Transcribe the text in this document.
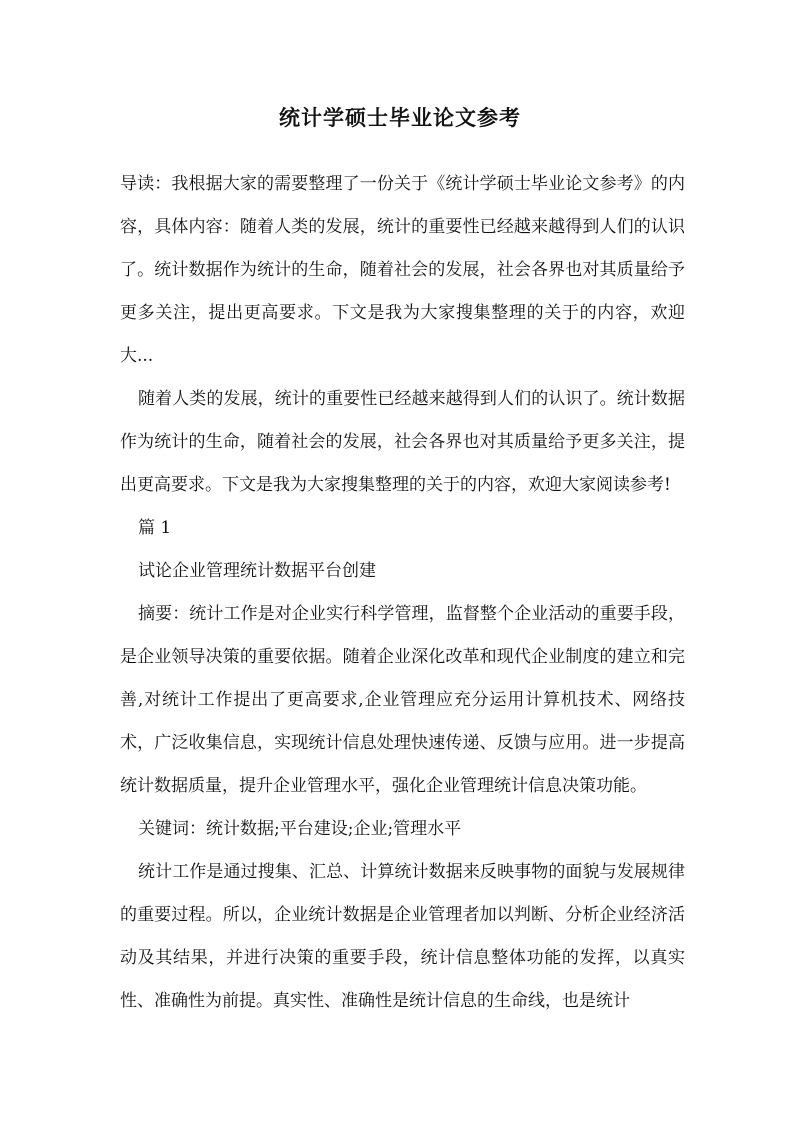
统计学硕士毕业论文参考

导读：我根据大家的需要整理了一份关于《统计学硕士毕业论文参考》的内容，具体内容：随着人类的发展，统计的重要性已经越来越得到人们的认识了。统计数据作为统计的生命，随着社会的发展，社会各界也对其质量给予更多关注，提出更高要求。下文是我为大家搜集整理的关于的内容，欢迎大...

随着人类的发展，统计的重要性已经越来越得到人们的认识了。统计数据作为统计的生命，随着社会的发展，社会各界也对其质量给予更多关注，提出更高要求。下文是我为大家搜集整理的关于的内容，欢迎大家阅读参考!

篇 1

试论企业管理统计数据平台创建

摘要：统计工作是对企业实行科学管理，监督整个企业活动的重要手段，是企业领导决策的重要依据。随着企业深化改革和现代企业制度的建立和完善,对统计工作提出了更高要求,企业管理应充分运用计算机技术、网络技术，广泛收集信息，实现统计信息处理快速传递、反馈与应用。进一步提高统计数据质量，提升企业管理水平，强化企业管理统计信息决策功能。

关键词：统计数据;平台建设;企业;管理水平

统计工作是通过搜集、汇总、计算统计数据来反映事物的面貌与发展规律的重要过程。所以，企业统计数据是企业管理者加以判断、分析企业经济活动及其结果，并进行决策的重要手段，统计信息整体功能的发挥，以真实性、准确性为前提。真实性、准确性是统计信息的生命线，也是统计
